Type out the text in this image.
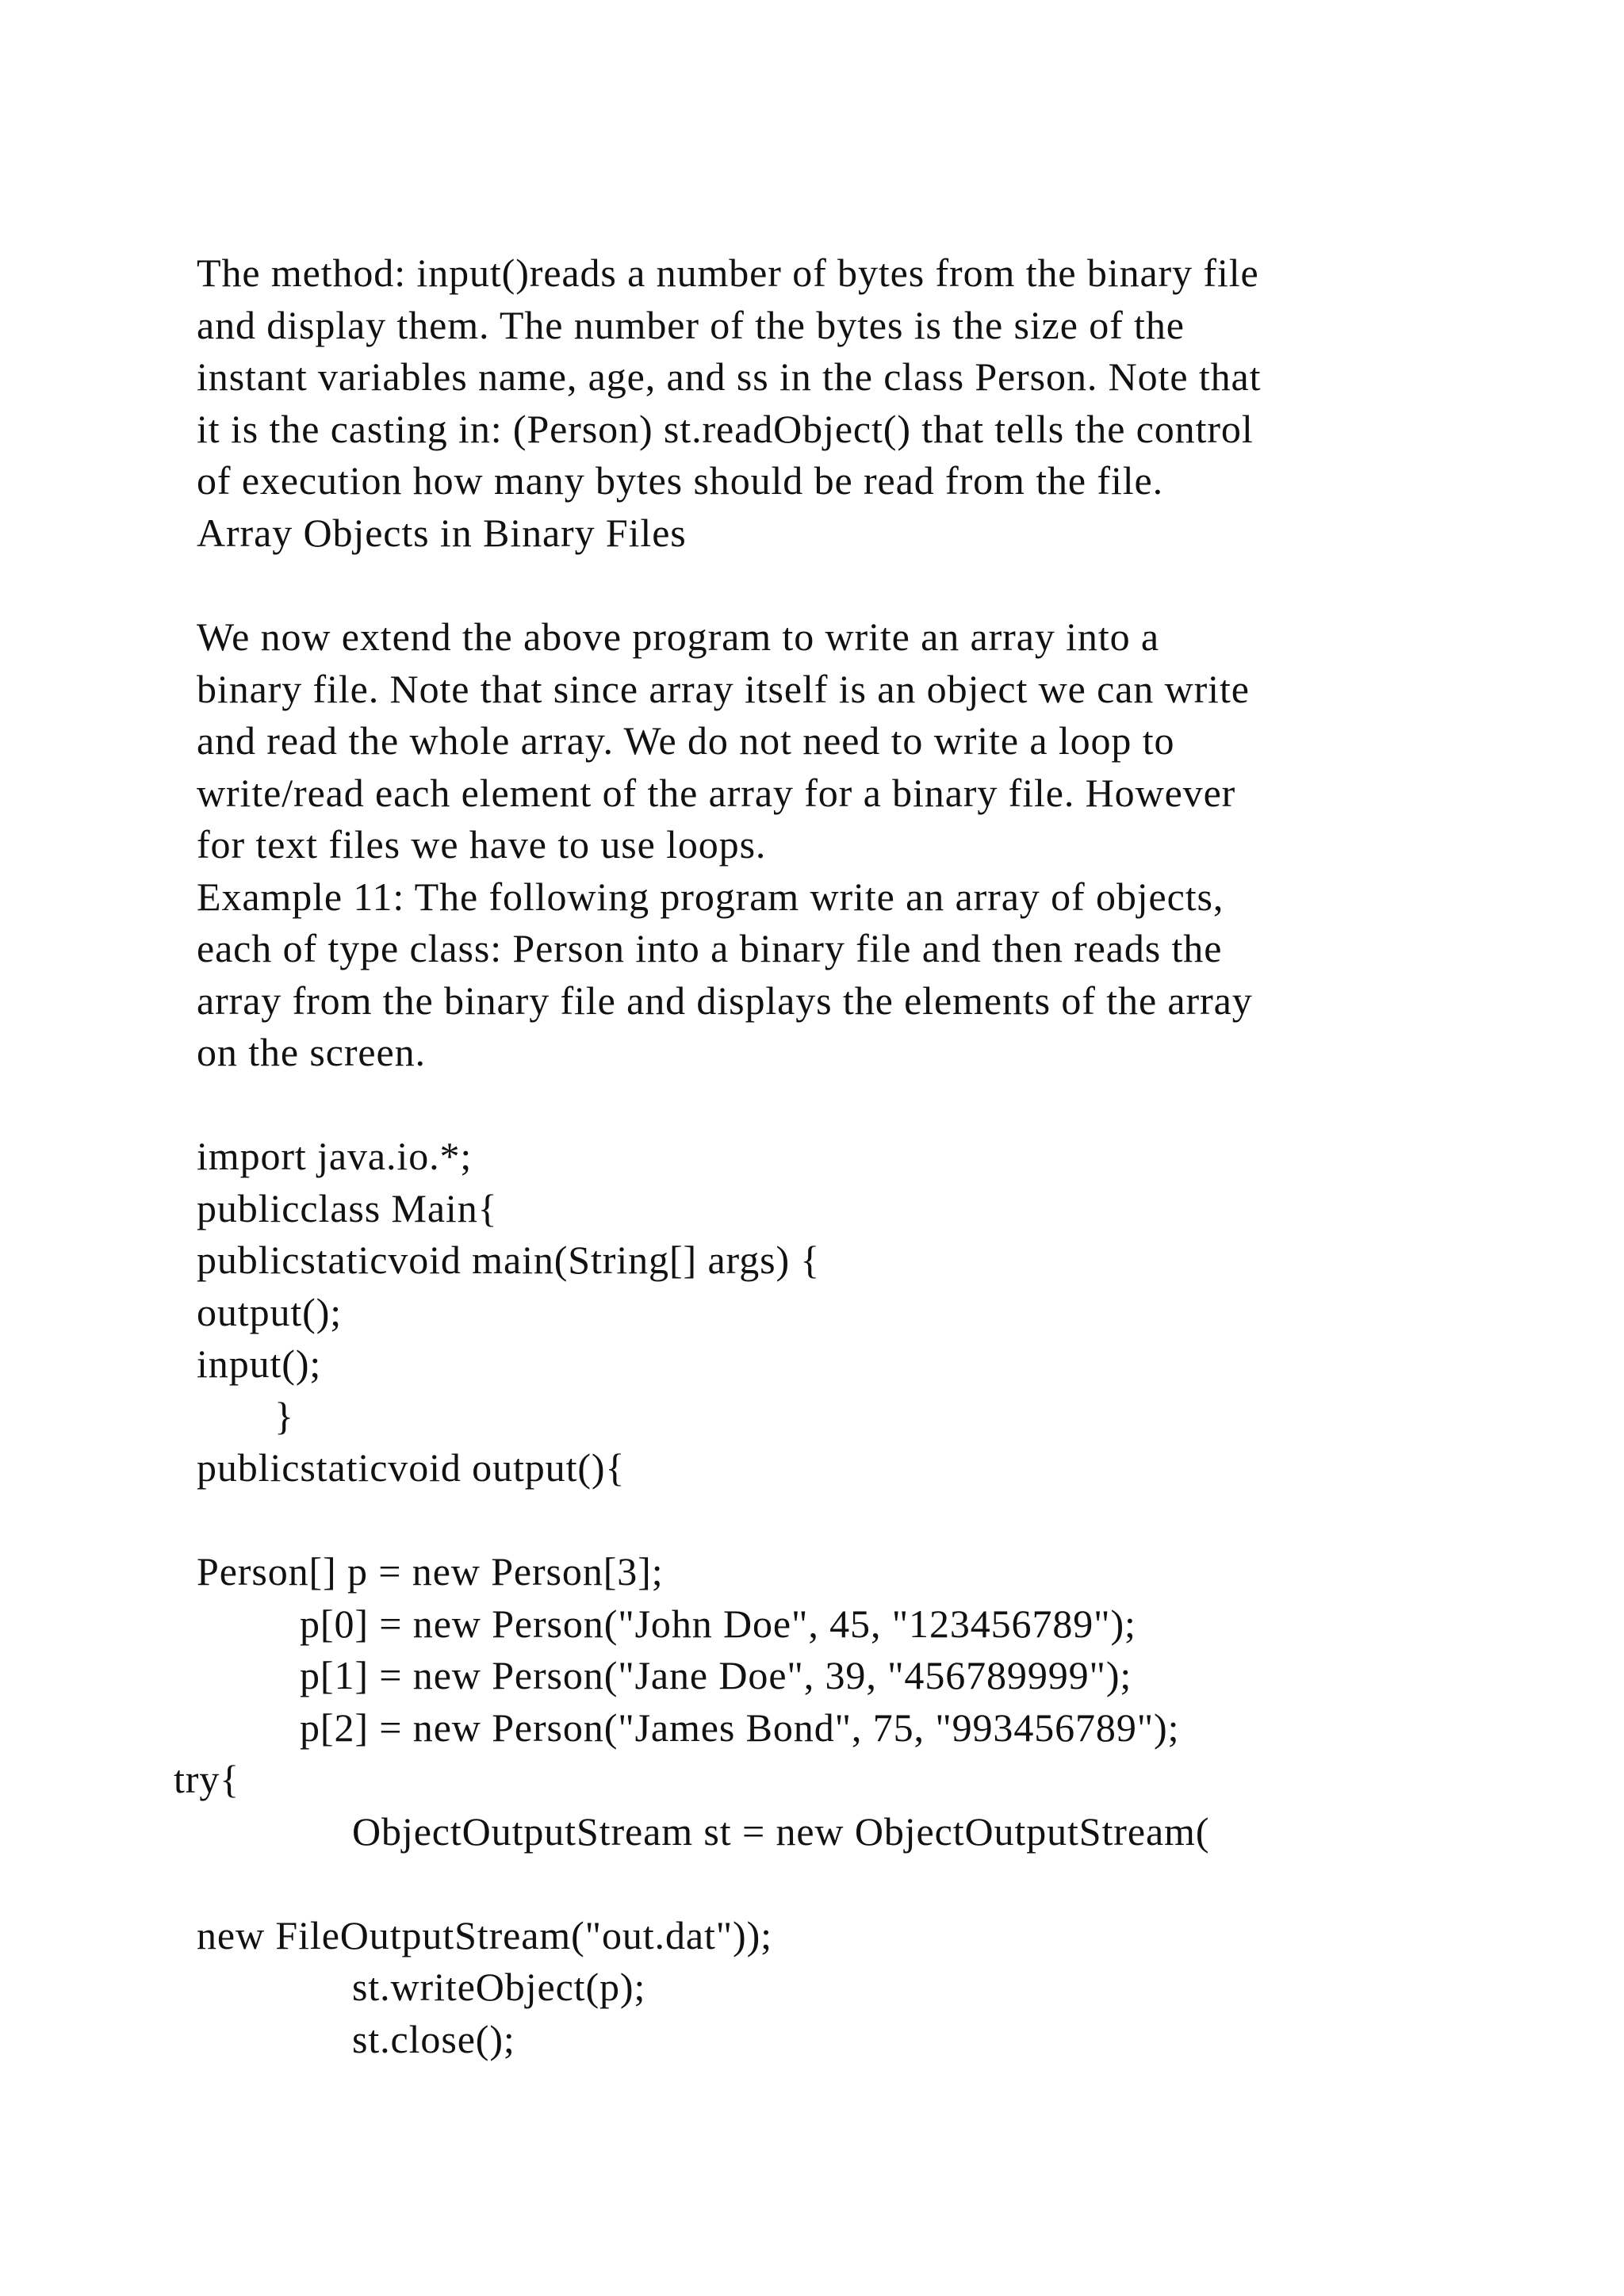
The method: input()reads a number of bytes from the binary file
and display them. The number of the bytes is the size of the
instant variables name, age, and ss in the class Person. Note that
it is the casting in: (Person) st.readObject() that tells the control
of execution how many bytes should be read from the file.
Array Objects in Binary Files
We now extend the above program to write an array into a
binary file. Note that since array itself is an object we can write
and read the whole array. We do not need to write a loop to
write/read each element of the array for a binary file. However
for text files we have to use loops.
Example 11: The following program write an array of objects,
each of type class: Person into a binary file and then reads the
array from the binary file and displays the elements of the array
on the screen.
import java.io.*;
publicclass Main{
publicstaticvoid main(String[] args) {
output();
input();
}
publicstaticvoid output(){
Person[] p = new Person[3];
p[0] = new Person("John Doe", 45, "123456789");
p[1] = new Person("Jane Doe", 39, "456789999");
p[2] = new Person("James Bond", 75, "993456789");
try{
ObjectOutputStream st = new ObjectOutputStream(
new FileOutputStream("out.dat"));
st.writeObject(p);
st.close();
